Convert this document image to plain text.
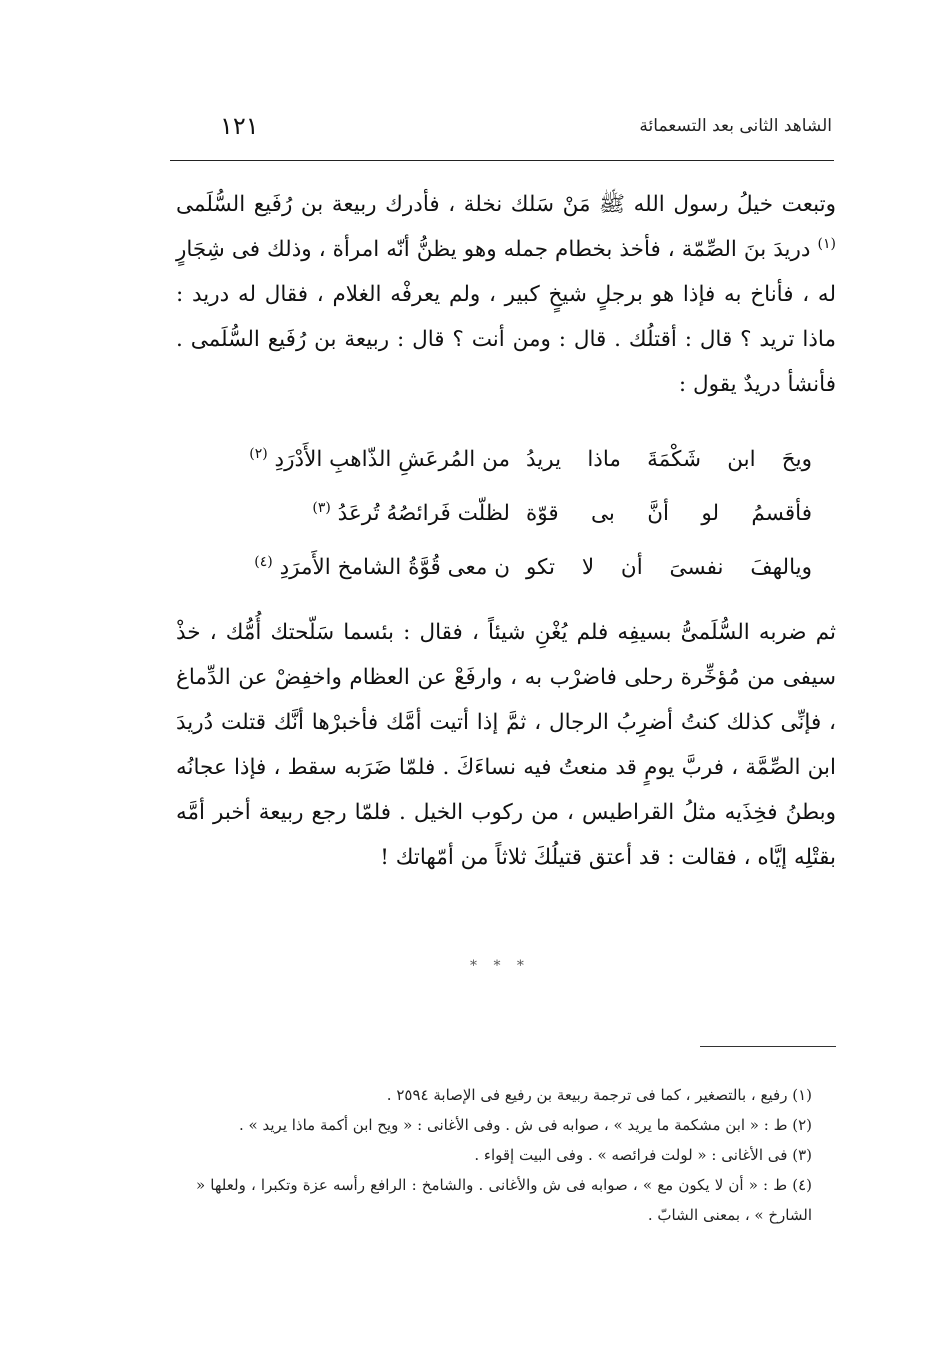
الشاهد الثانى بعد التسعمائة
١٢١

وتبعت خيلُ رسول الله ﷺ مَنْ سَلك نخلة ، فأدرك ربيعة بن رُفَيع السُّلَمى $^{(١)}$ دريدَ بنَ الصِّمّة ، فأخذ بخطام جمله وهو يظنُّ أنّه امرأة ، وذلك فى شِجَارٍ له ، فأناخ به فإذا هو برجلٍ شيخٍ كبير ، ولم يعرفْه الغلام ، فقال له دريد : ماذا تريد ؟ قال : أقتلُك . قال : ومن أنت ؟ قال : ربيعة بن رُفَيع السُّلَمى . فأنشأ دريدٌ يقول :

ويحَ ابن شَكْمَةَ ماذا يريدُ
من المُرعَشِ الذّاهبِ الأَدْرَدِ $^{(٢)}$
فأقسمُ لو أنَّ بى قوّة
لظلّت فَرائصُهُ تُرعَدُ $^{(٣)}$
ويالهفَ نفسىَ أن لا تكو
ن معى قُوَّةُ الشامخ الأَمرَدِ $^{(٤)}$

ثم ضربه السُّلَمىُّ بسيفِه فلم يُغْنِ شيئاً ، فقال : بئسما سَلّحتك أُمُّك ، خذْ سيفى من مُؤخِّرة رحلى فاضرْب به ، وارفَعْ عن العظام واخفِضْ عن الدِّماغ ، فإنِّى كذلك كنتُ أضرِبُ الرجال ، ثمَّ إذا أتيت أمَّك فأخبرْها أنَّك قتلت دُريدَ ابن الصِّمَّة ، فربَّ يومٍ قد منعتُ فيه نساءَكَ . فلمّا ضَرَبه سقط ، فإذا عجانُه وبطنُ فخِذَيه مثلُ القراطيس ، من ركوب الخيل . فلمّا رجع ربيعة أخبر أمَّه بقتْلِه إيَّاه ، فقالت : قد أعتق قتيلُكَ ثلاثاً من أمّهاتك !

* * *

(١) رفيع ، بالتصغير ، كما فى ترجمة ربيعة بن رفيع فى الإصابة ٢٥٩٤ .

(٢) ط : « ابن مشكمة ما يريد » ، صوابه فى ش . وفى الأغانى : « ويح ابن أكمة ماذا يريد » .

(٣) فى الأغانى : « لولت فرائصه » . وفى البيت إقواء .

(٤) ط : « أن لا يكون مع » ، صوابه فى ش والأغانى . والشامخ : الرافع رأسه عزة وتكبرا ، ولعلها « الشارخ » ، بمعنى الشابّ .
